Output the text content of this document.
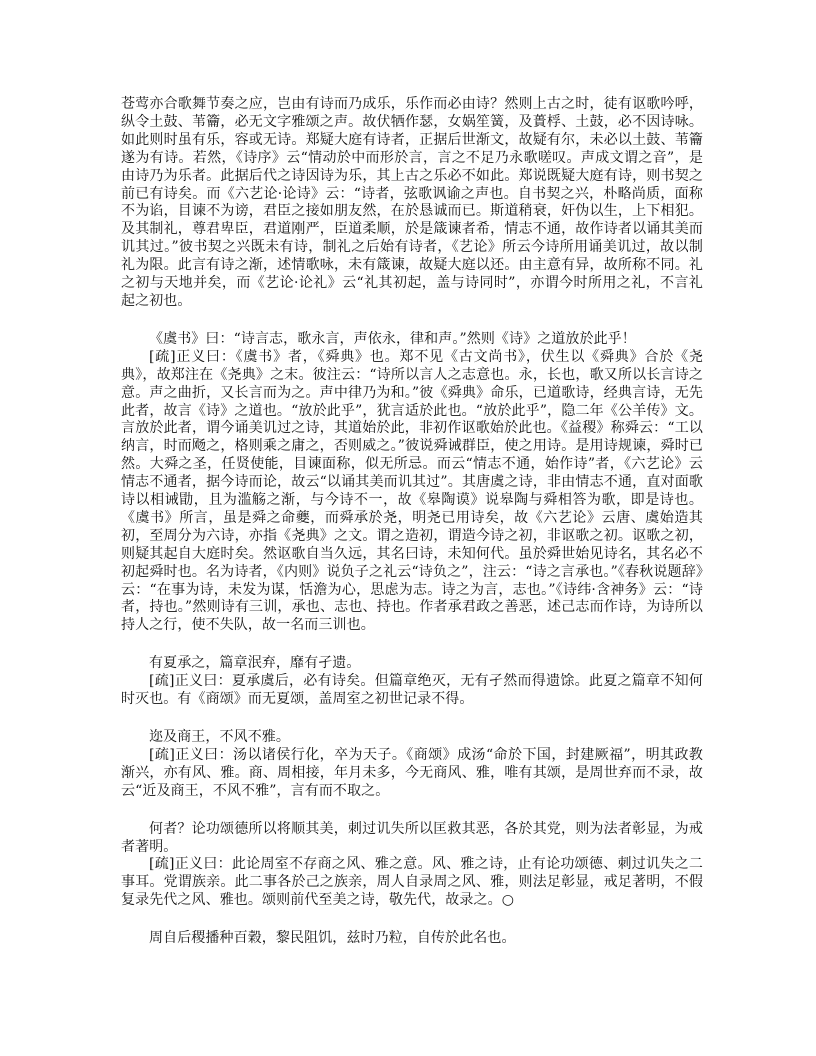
苍莺亦合歌舞节奏之应，岂由有诗而乃成乐，乐作而必由诗？然则上古之时，徒有讴歌吟呼，纵令土鼓、苇籥，必无文字雅颂之声。故伏牺作瑟，女娲笙簧，及蕢桴、土鼓，必不因诗咏。如此则时虽有乐，容或无诗。郑疑大庭有诗者，正据后世渐文，故疑有尔，未必以土鼓、苇籥遂为有诗。若然，《诗序》云“情动於中而形於言，言之不足乃永歌嗟叹。声成文谓之音”，是由诗乃为乐者。此据后代之诗因诗为乐，其上古之乐必不如此。郑说既疑大庭有诗，则书契之前已有诗矣。而《六艺论·论诗》云：“诗者，弦歌讽谕之声也。自书契之兴，朴略尚质，面称不为谄，目谏不为谤，君臣之接如朋友然，在於恳诚而已。斯道稍衰，奸伪以生，上下相犯。及其制礼，尊君卑臣，君道刚严，臣道柔顺，於是箴谏者希，情志不通，故作诗者以诵其美而讥其过。”彼书契之兴既未有诗，制礼之后始有诗者，《艺论》所云今诗所用诵美讥过，故以制礼为限。此言有诗之渐，述情歌咏，未有箴谏，故疑大庭以还。由主意有异，故所称不同。礼之初与天地并矣，而《艺论·论礼》云“礼其初起，盖与诗同时”，亦谓今时所用之礼，不言礼起之初也。

《虞书》曰：“诗言志，歌永言，声依永，律和声。”然则《诗》之道放於此乎！

[疏]正义曰：《虞书》者，《舜典》也。郑不见《古文尚书》，伏生以《舜典》合於《尧典》，故郑注在《尧典》之末。彼注云：“诗所以言人之志意也。永，长也，歌又所以长言诗之意。声之曲折，又长言而为之。声中律乃为和。”彼《舜典》命乐，已道歌诗，经典言诗，无先此者，故言《诗》之道也。“放於此乎”，犹言适於此也。“放於此乎”，隐二年《公羊传》文。言放於此者，谓今诵美讥过之诗，其道始於此，非初作讴歌始於此也。《益稷》称舜云：“工以纳言，时而飏之，格则乘之庸之，否则威之。”彼说舜诫群臣，使之用诗。是用诗规谏，舜时已然。大舜之圣，任贤使能，目谏面称，似无所忌。而云“情志不通，始作诗”者，《六艺论》云情志不通者，据今诗而论，故云“以诵其美而讥其过”。其唐虞之诗，非由情志不通，直对面歌诗以相诫勖，且为滥觞之渐，与今诗不一，故《皋陶谟》说皋陶与舜相答为歌，即是诗也。《虞书》所言，虽是舜之命夔，而舜承於尧，明尧已用诗矣，故《六艺论》云唐、虞始造其初，至周分为六诗，亦指《尧典》之文。谓之造初，谓造今诗之初，非讴歌之初。讴歌之初，则疑其起自大庭时矣。然讴歌自当久远，其名曰诗，未知何代。虽於舜世始见诗名，其名必不初起舜时也。名为诗者，《内则》说负子之礼云“诗负之”，注云：“诗之言承也。”《春秋说题辞》云：“在事为诗，未发为谋，恬澹为心，思虑为志。诗之为言，志也。”《诗纬·含神务》云：“诗者，持也。”然则诗有三训，承也、志也、持也。作者承君政之善恶，述己志而作诗，为诗所以持人之行，使不失队，故一名而三训也。

有夏承之，篇章泯弃，靡有孑遗。

[疏]正义曰：夏承虞后，必有诗矣。但篇章绝灭，无有孑然而得遗馀。此夏之篇章不知何时灭也。有《商颂》而无夏颂，盖周室之初世记录不得。

迩及商王，不风不雅。

[疏]正义曰：汤以诸侯行化，卒为天子。《商颂》成汤“命於下国，封建厥福”，明其政教渐兴，亦有风、雅。商、周相接，年月未多，今无商风、雅，唯有其颂，是周世弃而不录，故云“近及商王，不风不雅”，言有而不取之。

何者？论功颂德所以将顺其美，刺过讥失所以匡救其恶，各於其党，则为法者彰显，为戒者著明。

[疏]正义曰：此论周室不存商之风、雅之意。风、雅之诗，止有论功颂德、刺过讥失之二事耳。党谓族亲。此二事各於己之族亲，周人自录周之风、雅，则法足彰显，戒足著明，不假复录先代之风、雅也。颂则前代至美之诗，敬先代，故录之。○

周自后稷播种百穀，黎民阻饥，兹时乃粒，自传於此名也。
